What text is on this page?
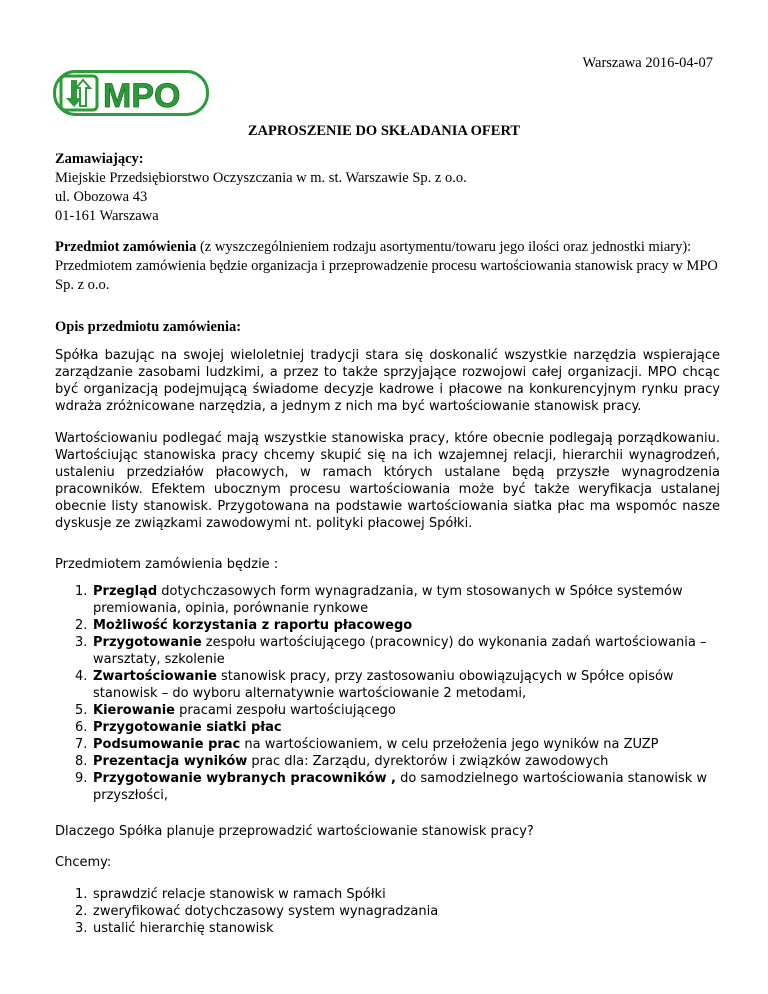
Warszawa 2016-04-07
MPO
ZAPROSZENIE DO SKŁADANIA OFERT
Zamawiający:
Miejskie Przedsiębiorstwo Oczyszczania w m. st. Warszawie Sp. z o.o.
ul. Obozowa 43
01-161 Warszawa
Przedmiot zamówienia (z wyszczególnieniem rodzaju asortymentu/towaru jego ilości oraz jednostki miary):
Przedmiotem zamówienia będzie organizacja i przeprowadzenie procesu wartościowania stanowisk pracy w MPO Sp. z o.o.
Opis przedmiotu zamówienia:
Spółka bazując na swojej wieloletniej tradycji stara się doskonalić wszystkie narzędzia wspierające zarządzanie zasobami ludzkimi, a przez to także sprzyjające rozwojowi całej organizacji. MPO chcąc być organizacją podejmującą świadome decyzje kadrowe i płacowe na konkurencyjnym rynku pracy wdraża zróżnicowane narzędzia, a jednym z nich ma być wartościowanie stanowisk pracy.
Wartościowaniu podlegać mają wszystkie stanowiska pracy, które obecnie podlegają porządkowaniu. Wartościując stanowiska pracy chcemy skupić się na ich wzajemnej relacji, hierarchii wynagrodzeń, ustaleniu przedziałów płacowych, w ramach których ustalane będą przyszłe wynagrodzenia pracowników. Efektem ubocznym procesu wartościowania może być także weryfikacja ustalanej obecnie listy stanowisk. Przygotowana na podstawie wartościowania siatka płac ma wspomóc nasze dyskusje ze związkami zawodowymi nt. polityki płacowej Spółki.
Przedmiotem zamówienia będzie :
1. Przegląd dotychczasowych form wynagradzania, w tym stosowanych w Spółce systemów premiowania, opinia, porównanie rynkowe
2. Możliwość korzystania z raportu płacowego
3. Przygotowanie zespołu wartościującego (pracownicy) do wykonania zadań wartościowania – warsztaty, szkolenie
4. Zwartościowanie stanowisk pracy, przy zastosowaniu obowiązujących w Spółce opisów stanowisk – do wyboru alternatywnie wartościowanie 2 metodami,
5. Kierowanie pracami zespołu wartościującego
6. Przygotowanie siatki płac
7. Podsumowanie prac na wartościowaniem, w celu przełożenia jego wyników na ZUZP
8. Prezentacja wyników prac dla: Zarządu, dyrektorów i związków zawodowych
9. Przygotowanie wybranych pracowników , do samodzielnego wartościowania stanowisk w przyszłości,
Dlaczego Spółka planuje przeprowadzić wartościowanie stanowisk pracy?
Chcemy:
1. sprawdzić relacje stanowisk w ramach Spółki
2. zweryfikować dotychczasowy system wynagradzania
3. ustalić hierarchię stanowisk
